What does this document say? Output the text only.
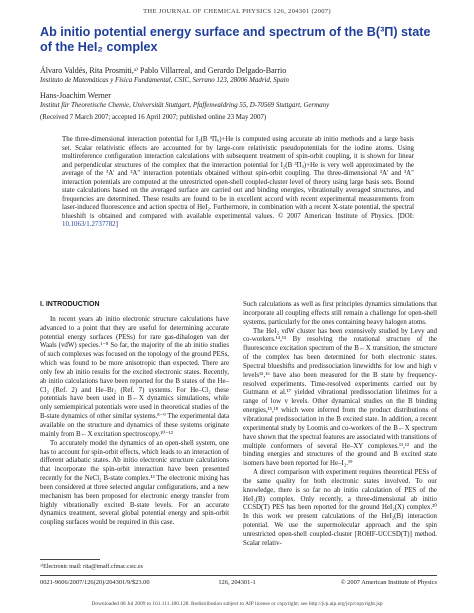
THE JOURNAL OF CHEMICAL PHYSICS 126, 204301 (2007)
Ab initio potential energy surface and spectrum of the B(³Π) state
of the HeI₂ complex
Álvaro Valdés, Rita Prosmiti,ᵃ⁾ Pablo Villarreal, and Gerardo Delgado-Barrio
Instituto de Matemáticas y Física Fundamental, CSIC, Serrano 123, 28006 Madrid, Spain
Hans-Joachim Werner
Institut für Theoretische Chemie, Universität Stuttgart, Pfaffenwaldring 55, D-70569 Stuttgart, Germany
(Received 7 March 2007; accepted 16 April 2007; published online 23 May 2007)

The three-dimensional interaction potential for I₂(B ³Πᵤ)+He is computed using accurate ab initio methods and a large basis set. Scalar relativistic effects are accounted for by large-core relativistic pseudopotentials for the iodine atoms. Using multireference configuration interaction calculations with subsequent treatment of spin-orbit coupling, it is shown for linear and perpendicular structures of the complex that the interaction potential for I₂(B ³Πᵤ)+He is very well approximated by the average of the ³A′ and ³A″ interaction potentials obtained without spin-orbit coupling. The three-dimensional ³A′ and ³A″ interaction potentials are computed at the unrestricted open-shell coupled-cluster level of theory using large basis sets. Bound state calculations based on the averaged surface are carried out and binding energies, vibrationally averaged structures, and frequencies are determined. These results are found to be in excellent accord with recent experimental measurements from laser-induced fluorescence and action spectra of HeI₂. Furthermore, in combination with a recent X-state potential, the spectral blueshift is obtained and compared with available experimental values. © 2007 American Institute of Physics. [DOI: 10.1063/1.2737782]

I. INTRODUCTION

In recent years ab initio electronic structure calculations have advanced to a point that they are useful for determining accurate potential energy surfaces (PESs) for rare gas-dihalogen van der Waals (vdW) species.¹⁻⁸ So far, the majority of the ab initio studies of such complexes was focused on the topology of the ground PESs, which was found to be more anisotropic than expected. There are only few ab initio results for the excited electronic states. Recently, ab initio calculations have been reported for the B states of the He–Cl₂ (Ref. 2) and He–Br₂ (Ref. 7) systems. For He–Cl₂ these potentials have been used in B←X dynamics simulations, while only semiempirical potentials were used in theoretical studies of the B-state dynamics of other similar systems.⁸⁻⁹ The experimental data available on the structure and dynamics of these systems originate mainly from B←X excitation spectroscopy.¹⁰⁻¹²

To accurately model the dynamics of an open-shell system, one has to account for spin-orbit effects, which leads to an interaction of different adiabatic states. Ab initio electronic structure calculations that incorporate the spin-orbit interaction have been presented recently for the NeCl₂ B-state complex.¹³ The electronic mixing has been considered at three selected angular configurations, and a new mechanism has been proposed for electronic energy transfer from highly vibrationally excited B-state levels. For an accurate dynamics treatment, several global potential energy and spin-orbit coupling surfaces would be required in this case.

Such calculations as well as first principles dynamics simulations that incorporate all coupling effects still remain a challenge for open-shell systems, particularly for the ones containing heavy halogen atoms.

The HeI₂ vdW cluster has been extensively studied by Levy and co-workers.¹⁴,¹⁵ By resolving the rotational structure of the fluorescence excitation spectrum of the B←X transition, the structure of the complex has been determined for both electronic states. Spectral blueshifts and predissociation linewidths for low and high v levels¹⁵,¹⁶ have also been measured for the B state by frequency-resolved experiments. Time-resolved experiments carried out by Gutmann et al.¹⁷ yielded vibrational predissociation lifetimes for a range of low v levels. Other dynamical studies on the B binding energies,¹⁵,¹⁸ which were inferred from the product distributions of vibrational predissociation in the B excited state. In addition, a recent experimental study by Loomis and co-workers of the B←X spectrum have shown that the spectral features are associated with transitions of multiple conformers of several He–XY complexes.¹¹,¹² and the binding energies and structures of the ground and B excited state isomers have been reported for He–I₂.¹⁹

A direct comparison with experiment requires theoretical PESs of the same quality for both electronic states involved. To our knowledge, there is so far no ab initio calculation of PES of the HeI₂(B) complex. Only recently, a three-dimensional ab initio CCSD(T) PES has been reported for the ground HeI₂(X) complex.²⁰ In this work we present calculations of the HeI₂(B) interaction potential. We use the supermolecular approach and the spin unrestricted open-shell coupled-cluster [ROHF-UCCSD(T)] method. Scalar relativ-

ᵃ⁾Electronic mail: rita@imaff.cfmac.csic.es
0021-9606/2007/126(20)/204301/9/$23.00	126, 204301-1	© 2007 American Institute of Physics
Downloaded 08 Jul 2009 to 161.111.180.128. Redistribution subject to AIP license or copyright; see http://jcp.aip.org/jcp/copyright.jsp
